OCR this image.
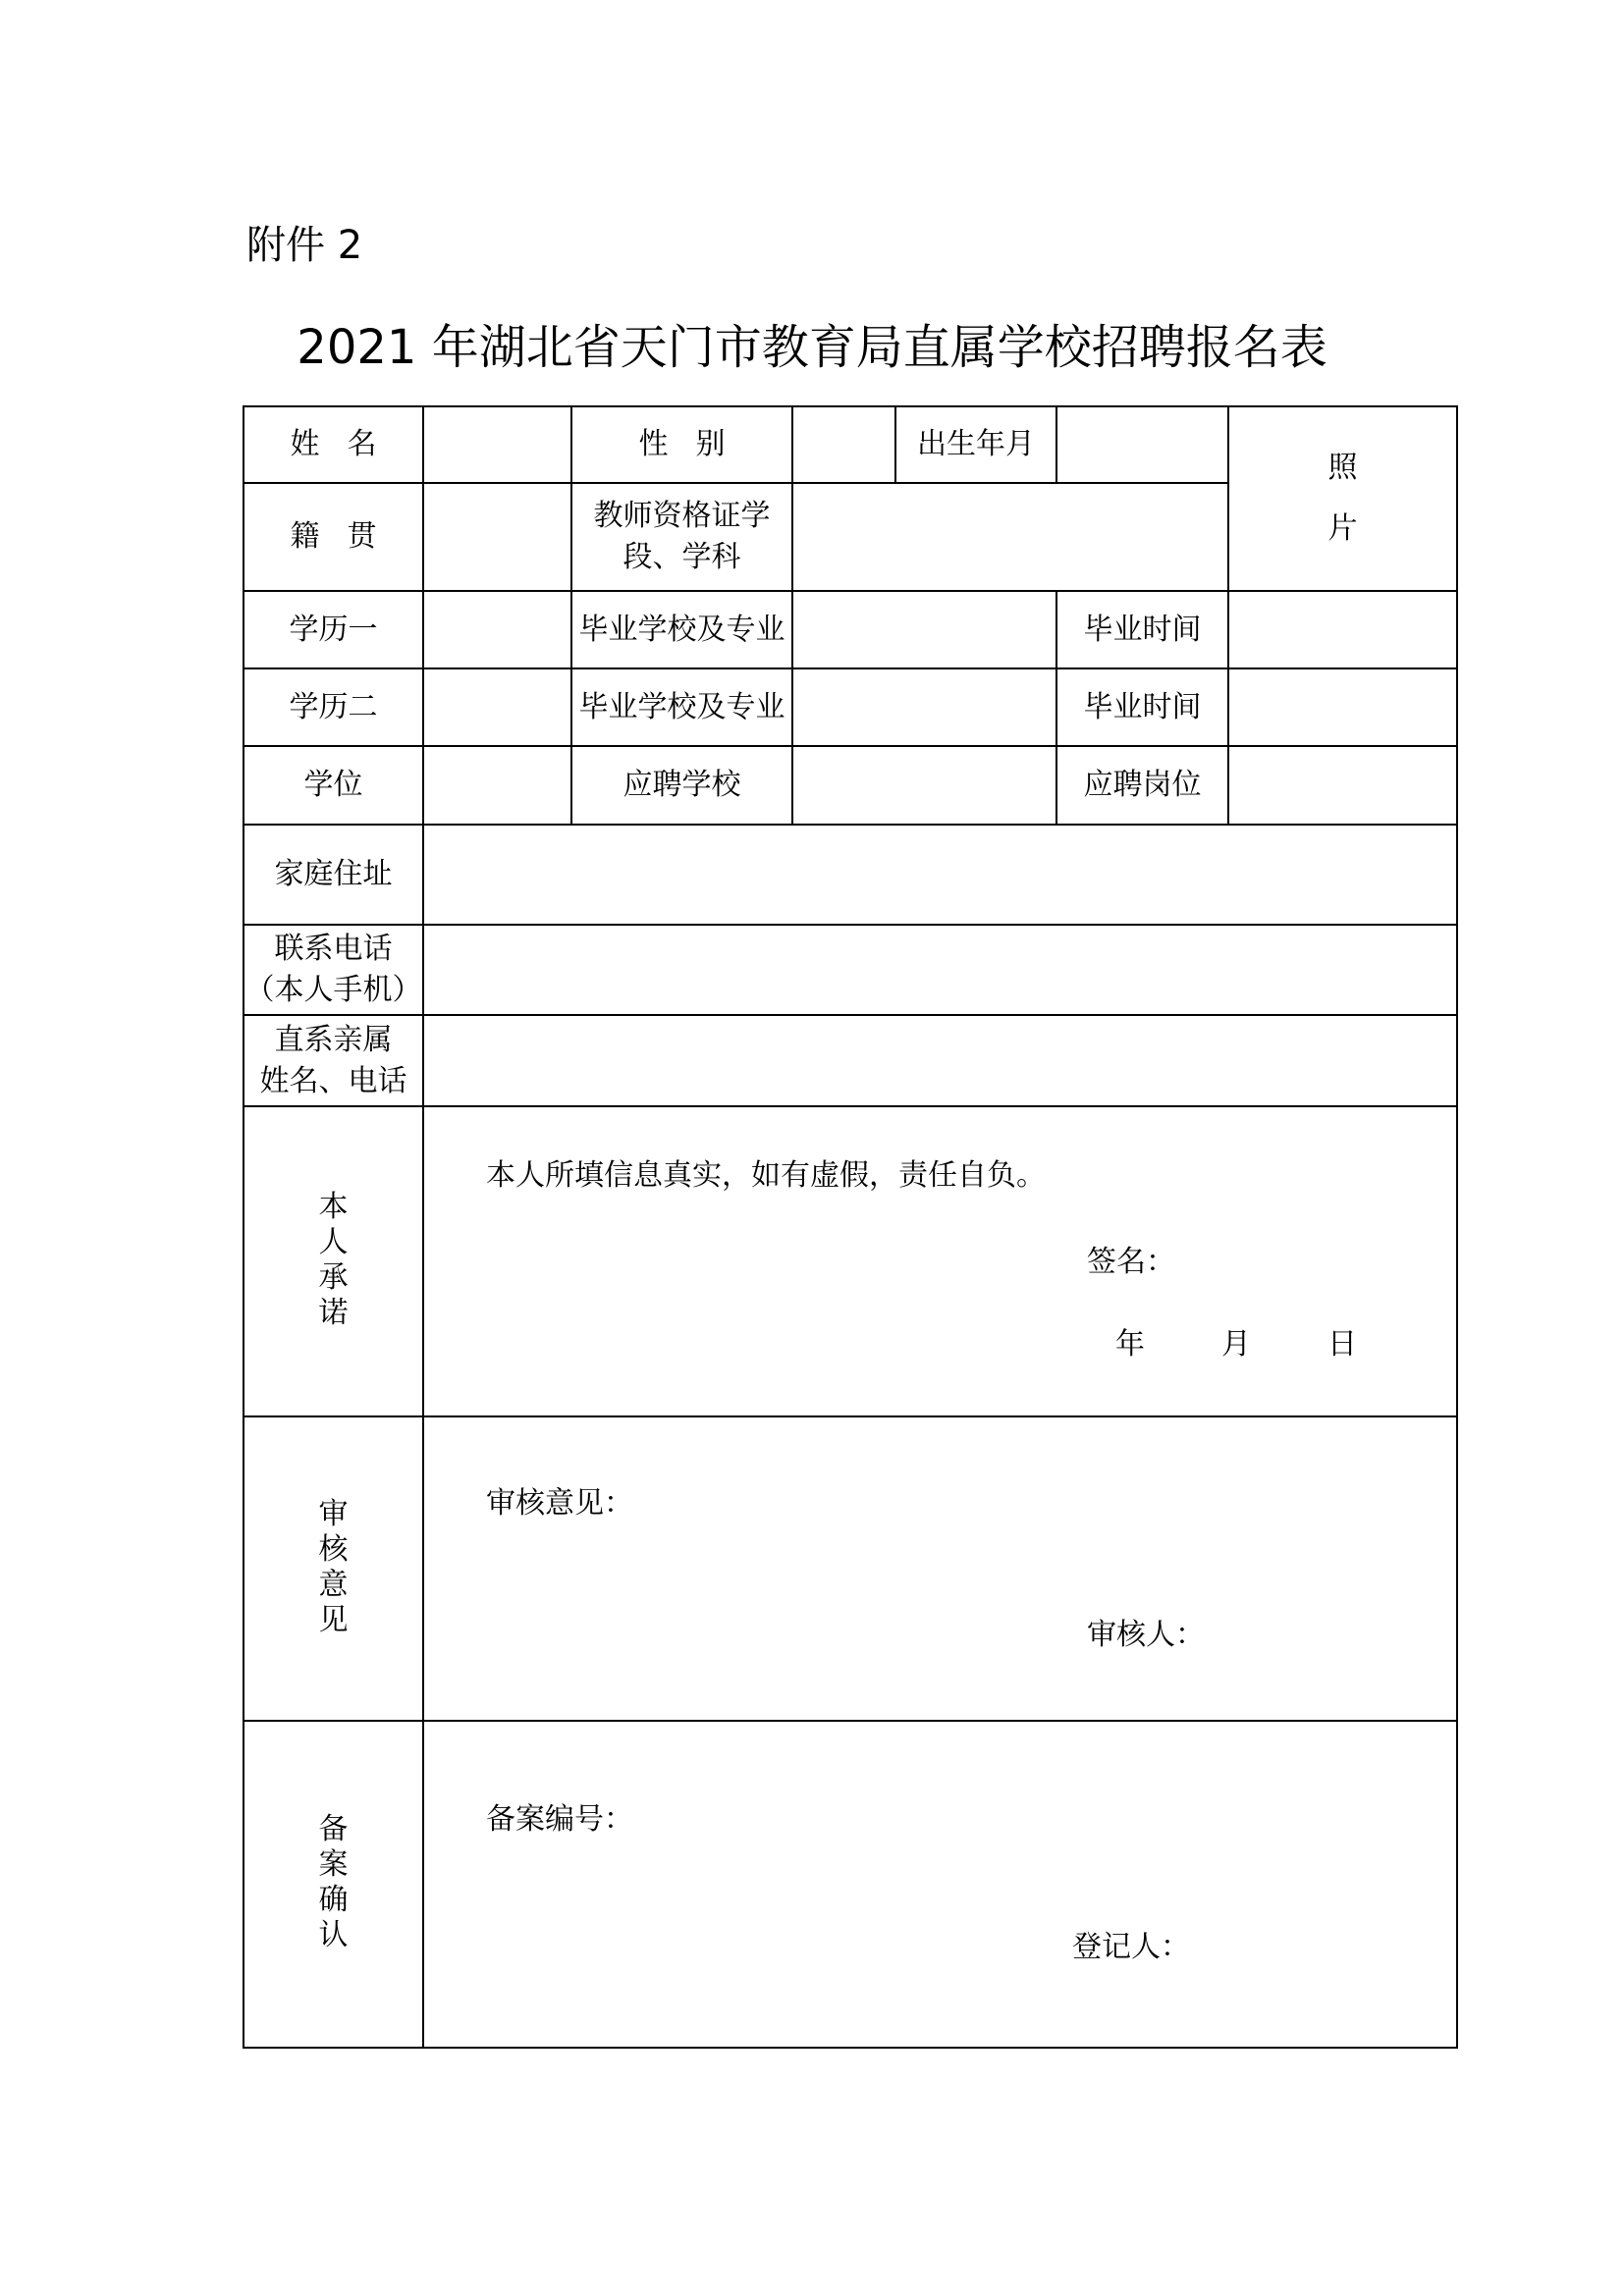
附件 2
2021 年湖北省天门市教育局直属学校招聘报名表
姓名		性别		出生年月		照
片

籍贯		教师资格证学段、学科				
学历一		毕业学校及专业			毕业时间	
学历二		毕业学校及专业			毕业时间	
学位		应聘学校			应聘岗位	
家庭住址						

联系电话
（本人手机）						

直系亲属
姓名、电话						

本人承诺	本人所填信息真实，如有虚假，责任自负。
签名：
年 月 日					

审核意见	审核意见：
审核人：					

备案确认	备案编号：
登记人：					
